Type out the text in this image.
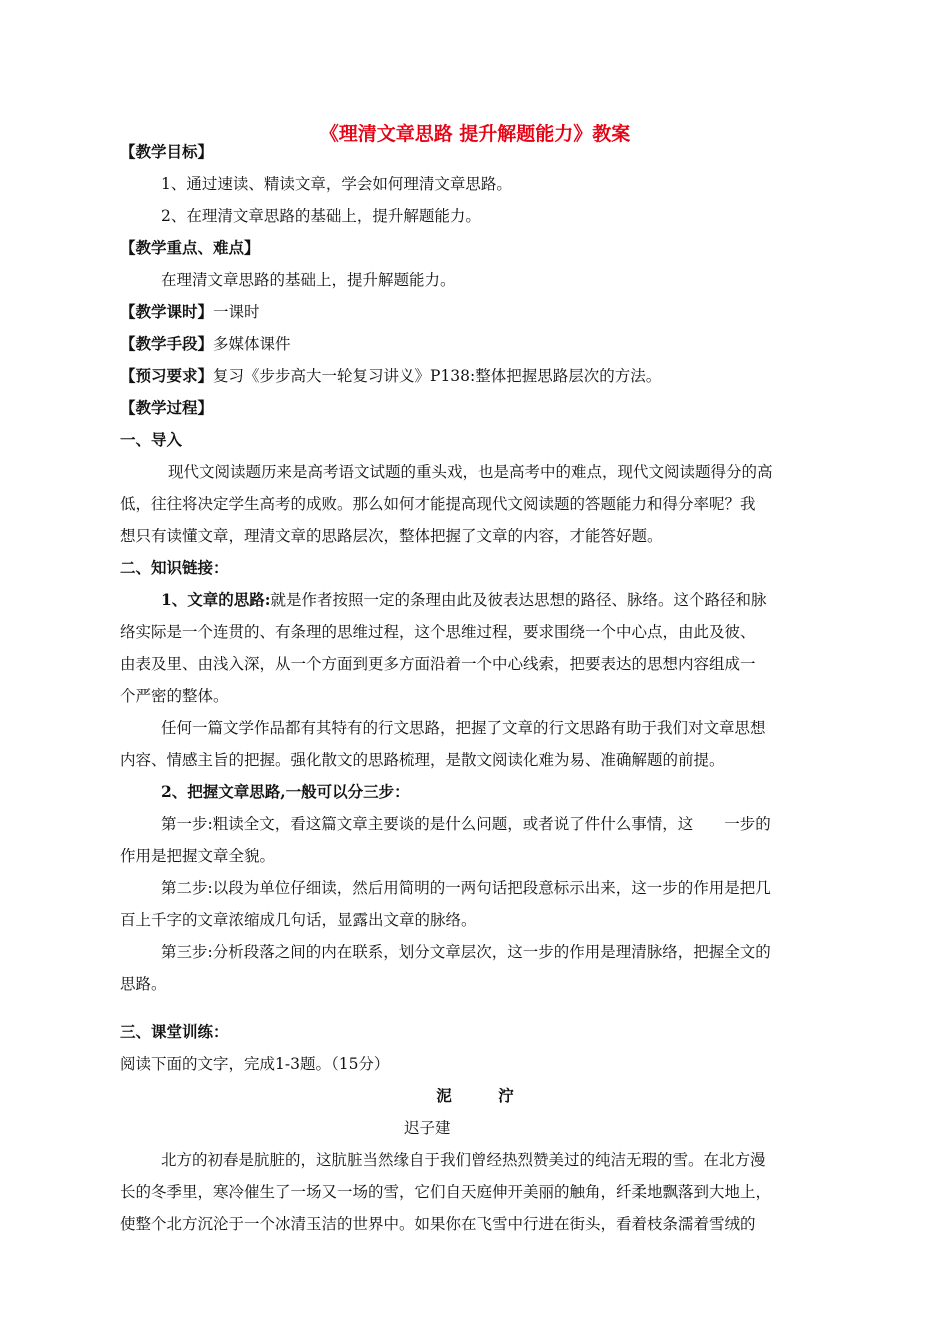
《理清文章思路 提升解题能力》教案
【教学目标】
1、通过速读、精读文章，学会如何理清文章思路。
2、在理清文章思路的基础上，提升解题能力。
【教学重点、难点】
在理清文章思路的基础上，提升解题能力。
【教学课时】一课时
【教学手段】多媒体课件
【预习要求】复习《步步高大一轮复习讲义》P138:整体把握思路层次的方法。
【教学过程】
一、导入
现代文阅读题历来是高考语文试题的重头戏，也是高考中的难点，现代文阅读题得分的高
低，往往将决定学生高考的成败。那么如何才能提高现代文阅读题的答题能力和得分率呢？我
想只有读懂文章，理清文章的思路层次，整体把握了文章的内容，才能答好题。
二、知识链接：
1、文章的思路:就是作者按照一定的条理由此及彼表达思想的路径、脉络。这个路径和脉
络实际是一个连贯的、有条理的思维过程，这个思维过程，要求围绕一个中心点，由此及彼、
由表及里、由浅入深，从一个方面到更多方面沿着一个中心线索，把要表达的思想内容组成一
个严密的整体。
任何一篇文学作品都有其特有的行文思路，把握了文章的行文思路有助于我们对文章思想
内容、情感主旨的把握。强化散文的思路梳理，是散文阅读化难为易、准确解题的前提。
2、把握文章思路,一般可以分三步：
第一步:粗读全文，看这篇文章主要谈的是什么问题，或者说了件什么事情，这　　一步的
作用是把握文章全貌。
第二步:以段为单位仔细读，然后用简明的一两句话把段意标示出来，这一步的作用是把几
百上千字的文章浓缩成几句话，显露出文章的脉络。
第三步:分析段落之间的内在联系，划分文章层次，这一步的作用是理清脉络，把握全文的
思路。
三、课堂训练：
阅读下面的文字，完成1-3题。（15分）
泥　　　泞
迟子建
北方的初春是肮脏的，这肮脏当然缘自于我们曾经热烈赞美过的纯洁无瑕的雪。在北方漫
长的冬季里，寒冷催生了一场又一场的雪，它们自天庭伸开美丽的触角，纤柔地飘落到大地上，
使整个北方沉沦于一个冰清玉洁的世界中。如果你在飞雪中行进在街头，看着枝条濡着雪绒的
